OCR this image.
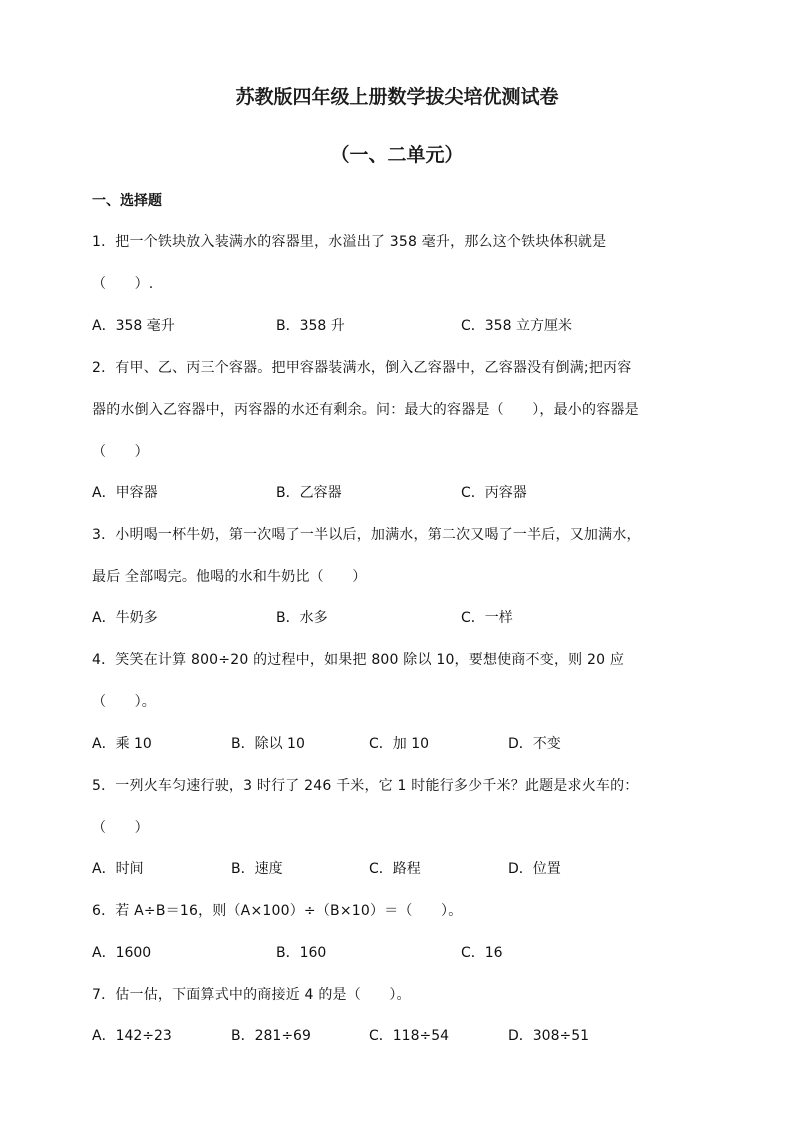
苏教版四年级上册数学拔尖培优测试卷
（一、二单元）
一、选择题
1．把一个铁块放入装满水的容器里，水溢出了 358 毫升，那么这个铁块体积就是
（　　）.
A．358 毫升	B．358 升	C．358 立方厘米
2．有甲、乙、丙三个容器。把甲容器装满水，倒入乙容器中，乙容器没有倒满;把丙容
器的水倒入乙容器中，丙容器的水还有剩余。问：最大的容器是（　　），最小的容器是
（　　）
A．甲容器	B．乙容器	C．丙容器
3．小明喝一杯牛奶，第一次喝了一半以后，加满水，第二次又喝了一半后，又加满水，
最后 全部喝完。他喝的水和牛奶比（　　）
A．牛奶多	B．水多	C．一样
4．笑笑在计算 800÷20 的过程中，如果把 800 除以 10，要想使商不变，则 20 应
（　　）。
A．乘 10	B．除以 10	C．加 10	D．不变
5．一列火车匀速行驶，3 时行了 246 千米，它 1 时能行多少千米？此题是求火车的：
（　　）
A．时间	B．速度	C．路程	D．位置
6．若 A÷B＝16，则（A×100）÷（B×10）＝（　　）。
A．1600	B．160	C．16
7．估一估，下面算式中的商接近 4 的是（　　）。
A．142÷23	B．281÷69	C．118÷54	D．308÷51
